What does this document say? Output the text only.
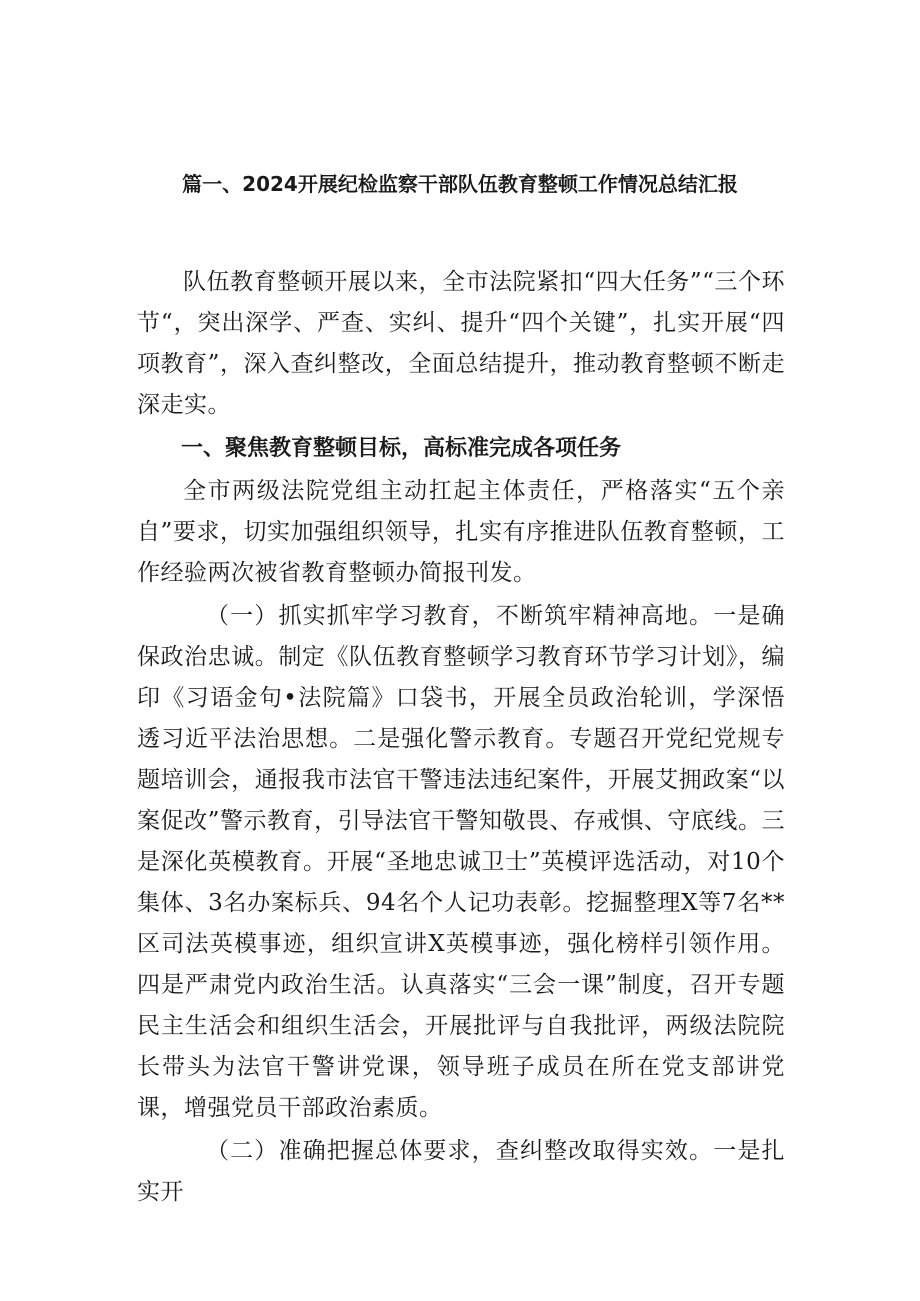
篇一、2024开展纪检监察干部队伍教育整顿工作情况总结汇报

队伍教育整顿开展以来，全市法院紧扣“四大任务”“三个环节“，突出深学、严查、实纠、提升“四个关键”，扎实开展“四项教育”，深入查纠整改，全面总结提升，推动教育整顿不断走深走实。

一、聚焦教育整顿目标，高标准完成各项任务

全市两级法院党组主动扛起主体责任，严格落实“五个亲自”要求，切实加强组织领导，扎实有序推进队伍教育整顿，工作经验两次被省教育整顿办简报刊发。

（一）抓实抓牢学习教育，不断筑牢精神高地。一是确保政治忠诚。制定《队伍教育整顿学习教育环节学习计划》，编印《习语金句•法院篇》口袋书，开展全员政治轮训，学深悟透习近平法治思想。二是强化警示教育。专题召开党纪党规专题培训会，通报我市法官干警违法违纪案件，开展艾拥政案“以案促改”警示教育，引导法官干警知敬畏、存戒惧、守底线。三是深化英模教育。开展“圣地忠诚卫士”英模评选活动，对10个集体、3名办案标兵、94名个人记功表彰。挖掘整理X等7名**区司法英模事迹，组织宣讲X英模事迹，强化榜样引领作用。四是严肃党内政治生活。认真落实“三会一课”制度，召开专题民主生活会和组织生活会，开展批评与自我批评，两级法院院长带头为法官干警讲党课，领导班子成员在所在党支部讲党课，增强党员干部政治素质。

（二）准确把握总体要求，查纠整改取得实效。一是扎实开
